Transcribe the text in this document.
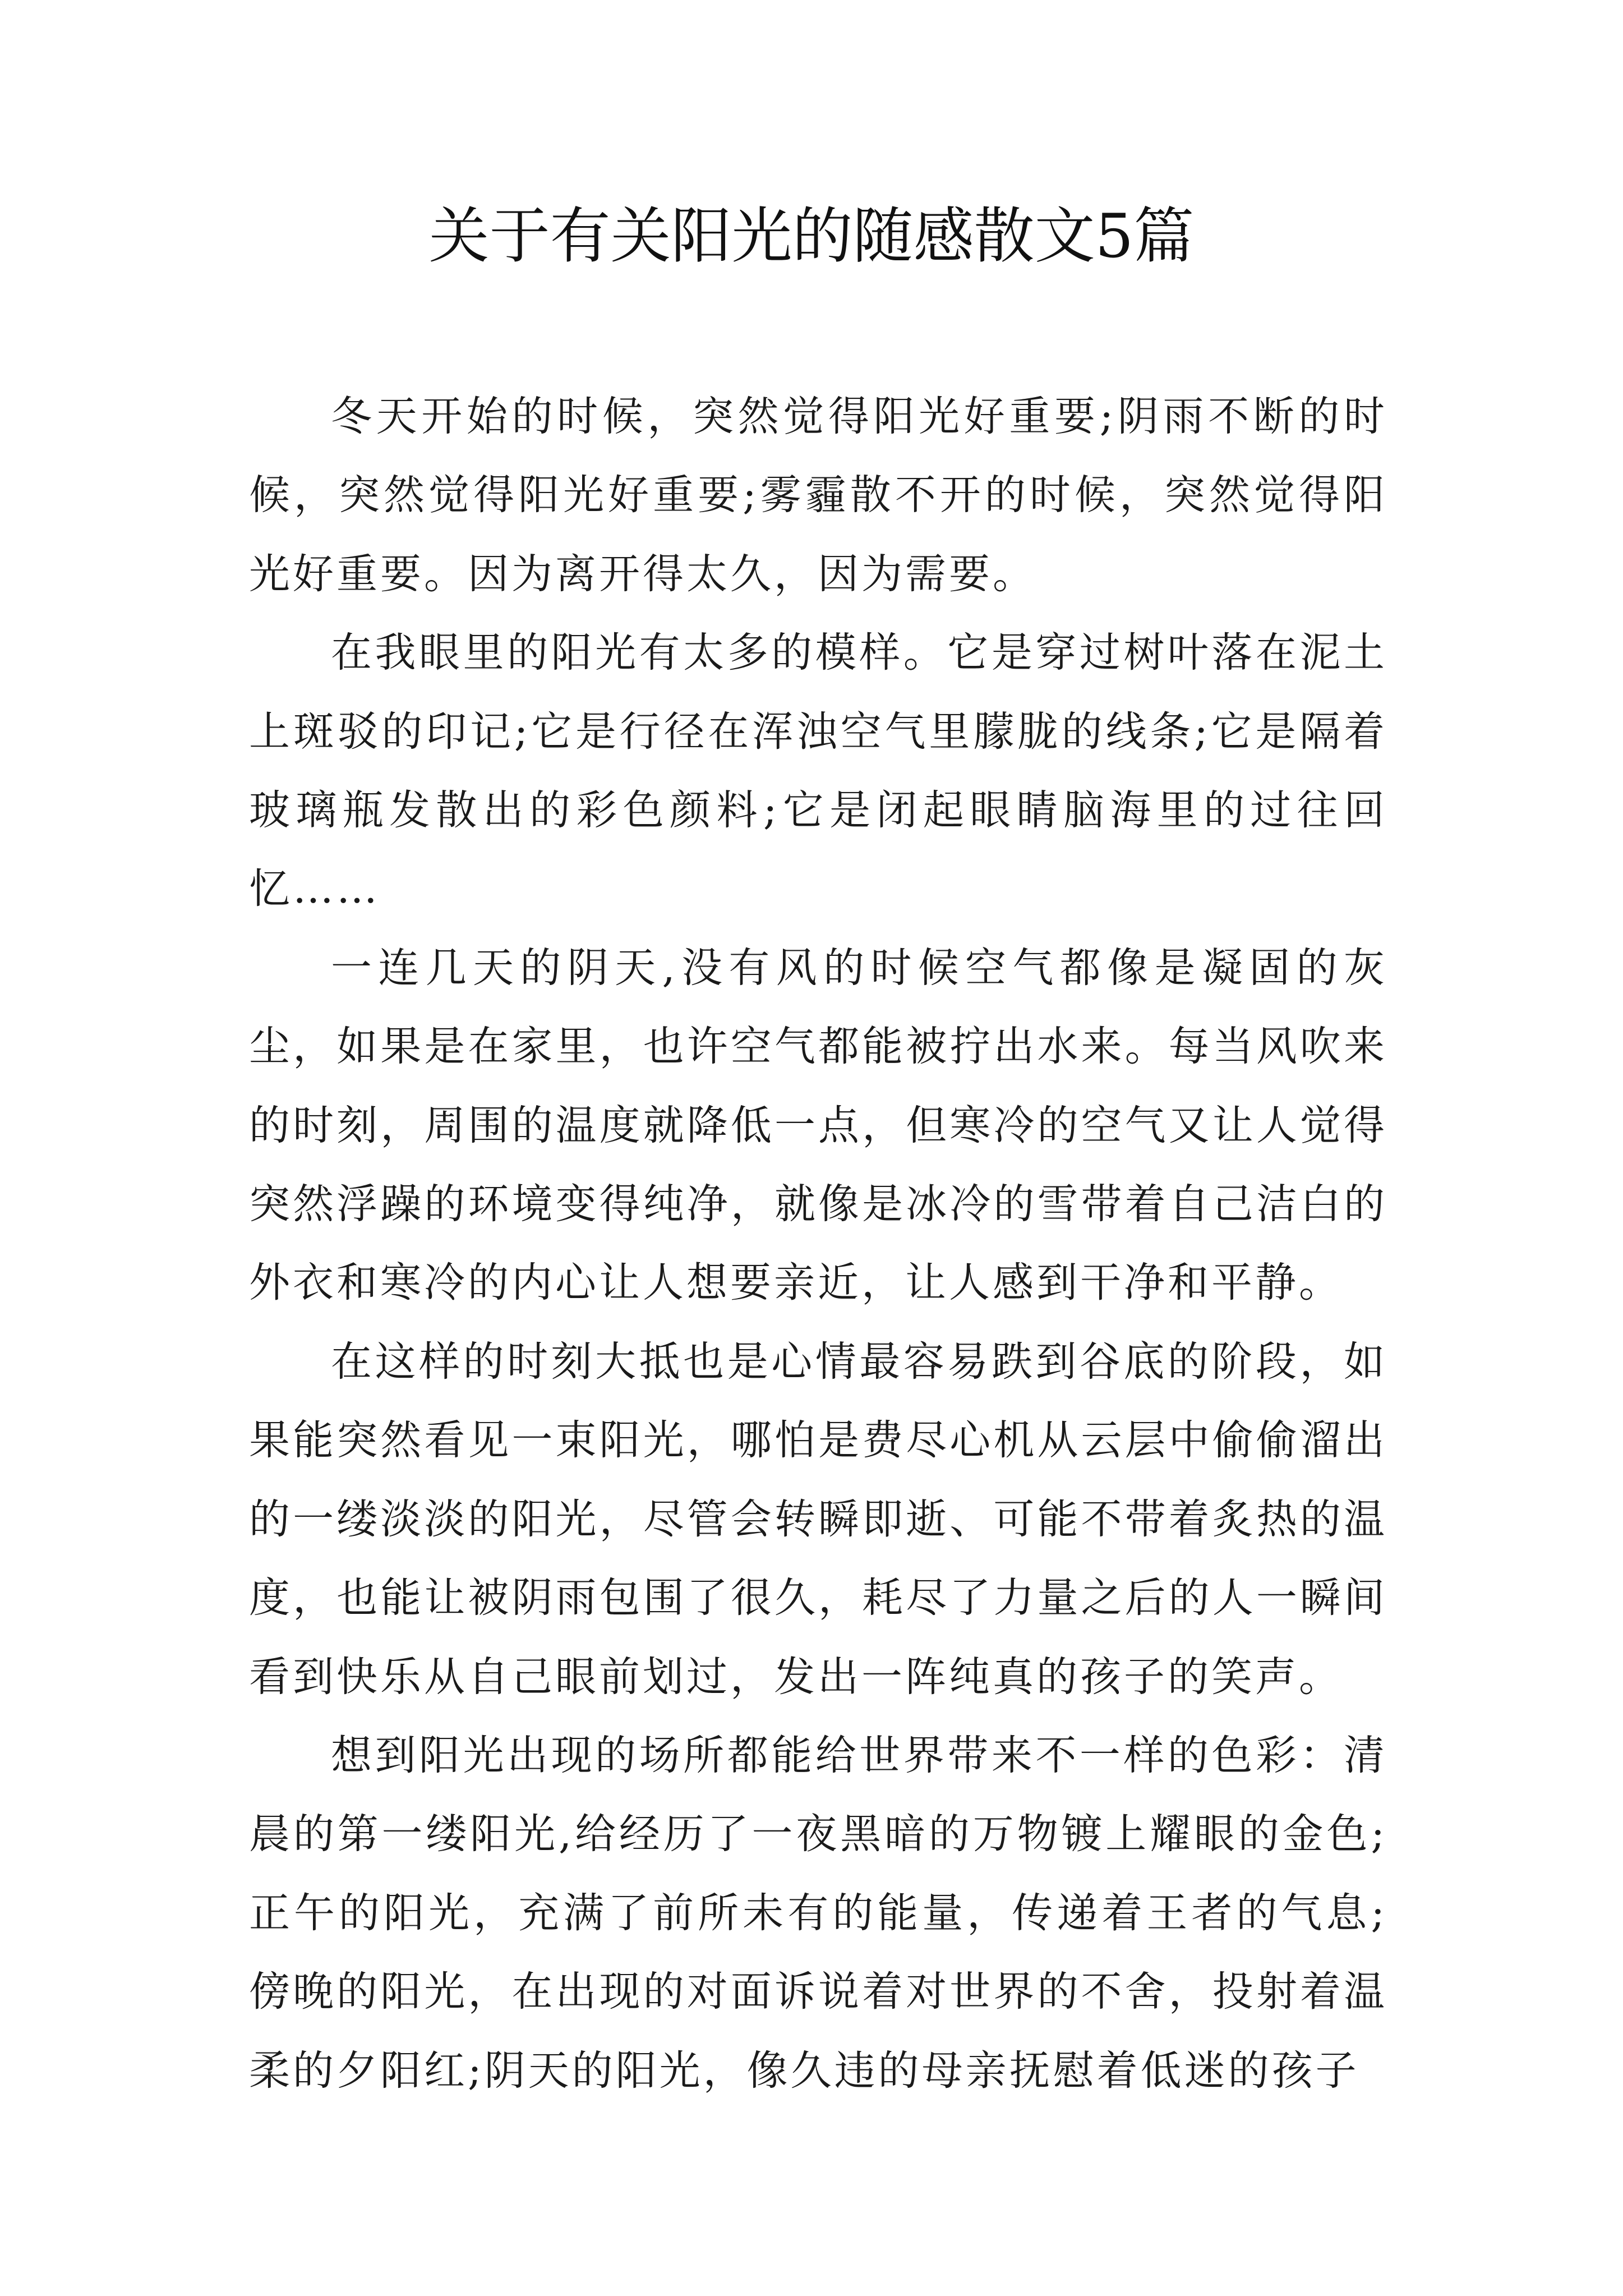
关于有关阳光的随感散文5篇

冬天开始的时候，突然觉得阳光好重要;阴雨不断的时候，突然觉得阳光好重要;雾霾散不开的时候，突然觉得阳光好重要。因为离开得太久，因为需要。

在我眼里的阳光有太多的模样。它是穿过树叶落在泥土上斑驳的印记;它是行径在浑浊空气里朦胧的线条;它是隔着玻璃瓶发散出的彩色颜料;它是闭起眼睛脑海里的过往回忆……

一连几天的阴天,没有风的时候空气都像是凝固的灰尘，如果是在家里，也许空气都能被拧出水来。每当风吹来的时刻，周围的温度就降低一点，但寒冷的空气又让人觉得突然浮躁的环境变得纯净，就像是冰冷的雪带着自己洁白的外衣和寒冷的内心让人想要亲近，让人感到干净和平静。

在这样的时刻大抵也是心情最容易跌到谷底的阶段，如果能突然看见一束阳光，哪怕是费尽心机从云层中偷偷溜出的一缕淡淡的阳光，尽管会转瞬即逝、可能不带着炙热的温度，也能让被阴雨包围了很久，耗尽了力量之后的人一瞬间看到快乐从自己眼前划过，发出一阵纯真的孩子的笑声。

想到阳光出现的场所都能给世界带来不一样的色彩：清晨的第一缕阳光,给经历了一夜黑暗的万物镀上耀眼的金色;正午的阳光，充满了前所未有的能量，传递着王者的气息;傍晚的阳光，在出现的对面诉说着对世界的不舍，投射着温柔的夕阳红;阴天的阳光，像久违的母亲抚慰着低迷的孩子
